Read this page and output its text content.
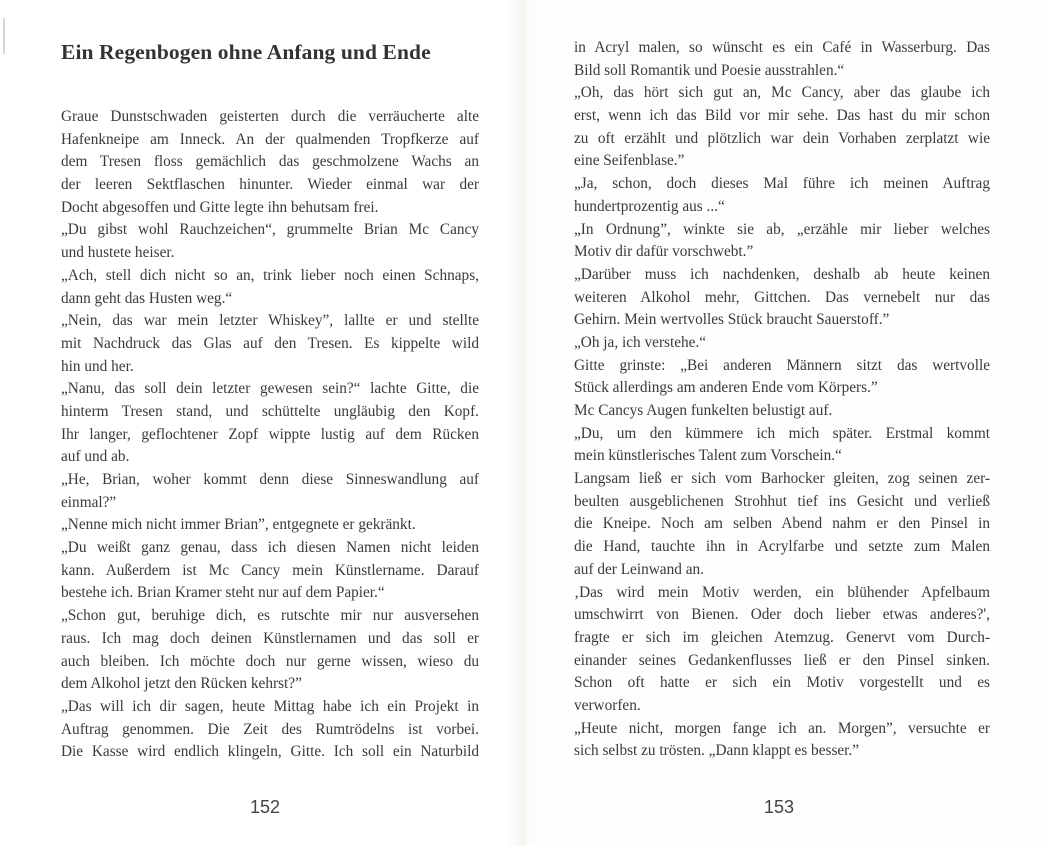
Ein Regenbogen ohne Anfang und Ende
Graue Dunstschwaden geisterten durch die verräucherte alte
Hafenkneipe am Inneck. An der qualmenden Tropfkerze auf
dem Tresen floss gemächlich das geschmolzene Wachs an
der leeren Sektflaschen hinunter. Wieder einmal war der
Docht abgesoffen und Gitte legte ihn behutsam frei.
„Du gibst wohl Rauchzeichen“, grummelte Brian Mc Cancy
und hustete heiser.
„Ach, stell dich nicht so an, trink lieber noch einen Schnaps,
dann geht das Husten weg.“
„Nein, das war mein letzter Whiskey”, lallte er und stellte
mit Nachdruck das Glas auf den Tresen. Es kippelte wild
hin und her.
„Nanu, das soll dein letzter gewesen sein?“ lachte Gitte, die
hinterm Tresen stand, und schüttelte ungläubig den Kopf.
Ihr langer, geflochtener Zopf wippte lustig auf dem Rücken
auf und ab.
„He, Brian, woher kommt denn diese Sinneswandlung auf
einmal?”
„Nenne mich nicht immer Brian”, entgegnete er gekränkt.
„Du weißt ganz genau, dass ich diesen Namen nicht leiden
kann. Außerdem ist Mc Cancy mein Künstlername. Darauf
bestehe ich. Brian Kramer steht nur auf dem Papier.“
„Schon gut, beruhige dich, es rutschte mir nur ausversehen
raus. Ich mag doch deinen Künstlernamen und das soll er
auch bleiben. Ich möchte doch nur gerne wissen, wieso du
dem Alkohol jetzt den Rücken kehrst?”
„Das will ich dir sagen, heute Mittag habe ich ein Projekt in
Auftrag genommen. Die Zeit des Rumtrödelns ist vorbei.
Die Kasse wird endlich klingeln, Gitte. Ich soll ein Naturbild
152	153
in Acryl malen, so wünscht es ein Café in Wasserburg. Das
Bild soll Romantik und Poesie ausstrahlen.“
„Oh, das hört sich gut an, Mc Cancy, aber das glaube ich
erst, wenn ich das Bild vor mir sehe. Das hast du mir schon
zu oft erzählt und plötzlich war dein Vorhaben zerplatzt wie
eine Seifenblase.”
„Ja, schon, doch dieses Mal führe ich meinen Auftrag
hundertprozentig aus ...“
„In Ordnung”, winkte sie ab, „erzähle mir lieber welches
Motiv dir dafür vorschwebt.”
„Darüber muss ich nachdenken, deshalb ab heute keinen
weiteren Alkohol mehr, Gittchen. Das vernebelt nur das
Gehirn. Mein wertvolles Stück braucht Sauerstoff.”
„Oh ja, ich verstehe.“
Gitte grinste: „Bei anderen Männern sitzt das wertvolle
Stück allerdings am anderen Ende vom Körpers.”
Mc Cancys Augen funkelten belustigt auf.
„Du, um den kümmere ich mich später. Erstmal kommt
mein künstlerisches Talent zum Vorschein.“
Langsam ließ er sich vom Barhocker gleiten, zog seinen zer-
beulten ausgeblichenen Strohhut tief ins Gesicht und verließ
die Kneipe. Noch am selben Abend nahm er den Pinsel in
die Hand, tauchte ihn in Acrylfarbe und setzte zum Malen
auf der Leinwand an.
‚Das wird mein Motiv werden, ein blühender Apfelbaum
umschwirrt von Bienen. Oder doch lieber etwas anderes?',
fragte er sich im gleichen Atemzug. Genervt vom Durch-
einander seines Gedankenflusses ließ er den Pinsel sinken.
Schon oft hatte er sich ein Motiv vorgestellt und es
verworfen.
„Heute nicht, morgen fange ich an. Morgen”, versuchte er
sich selbst zu trösten. „Dann klappt es besser.”
